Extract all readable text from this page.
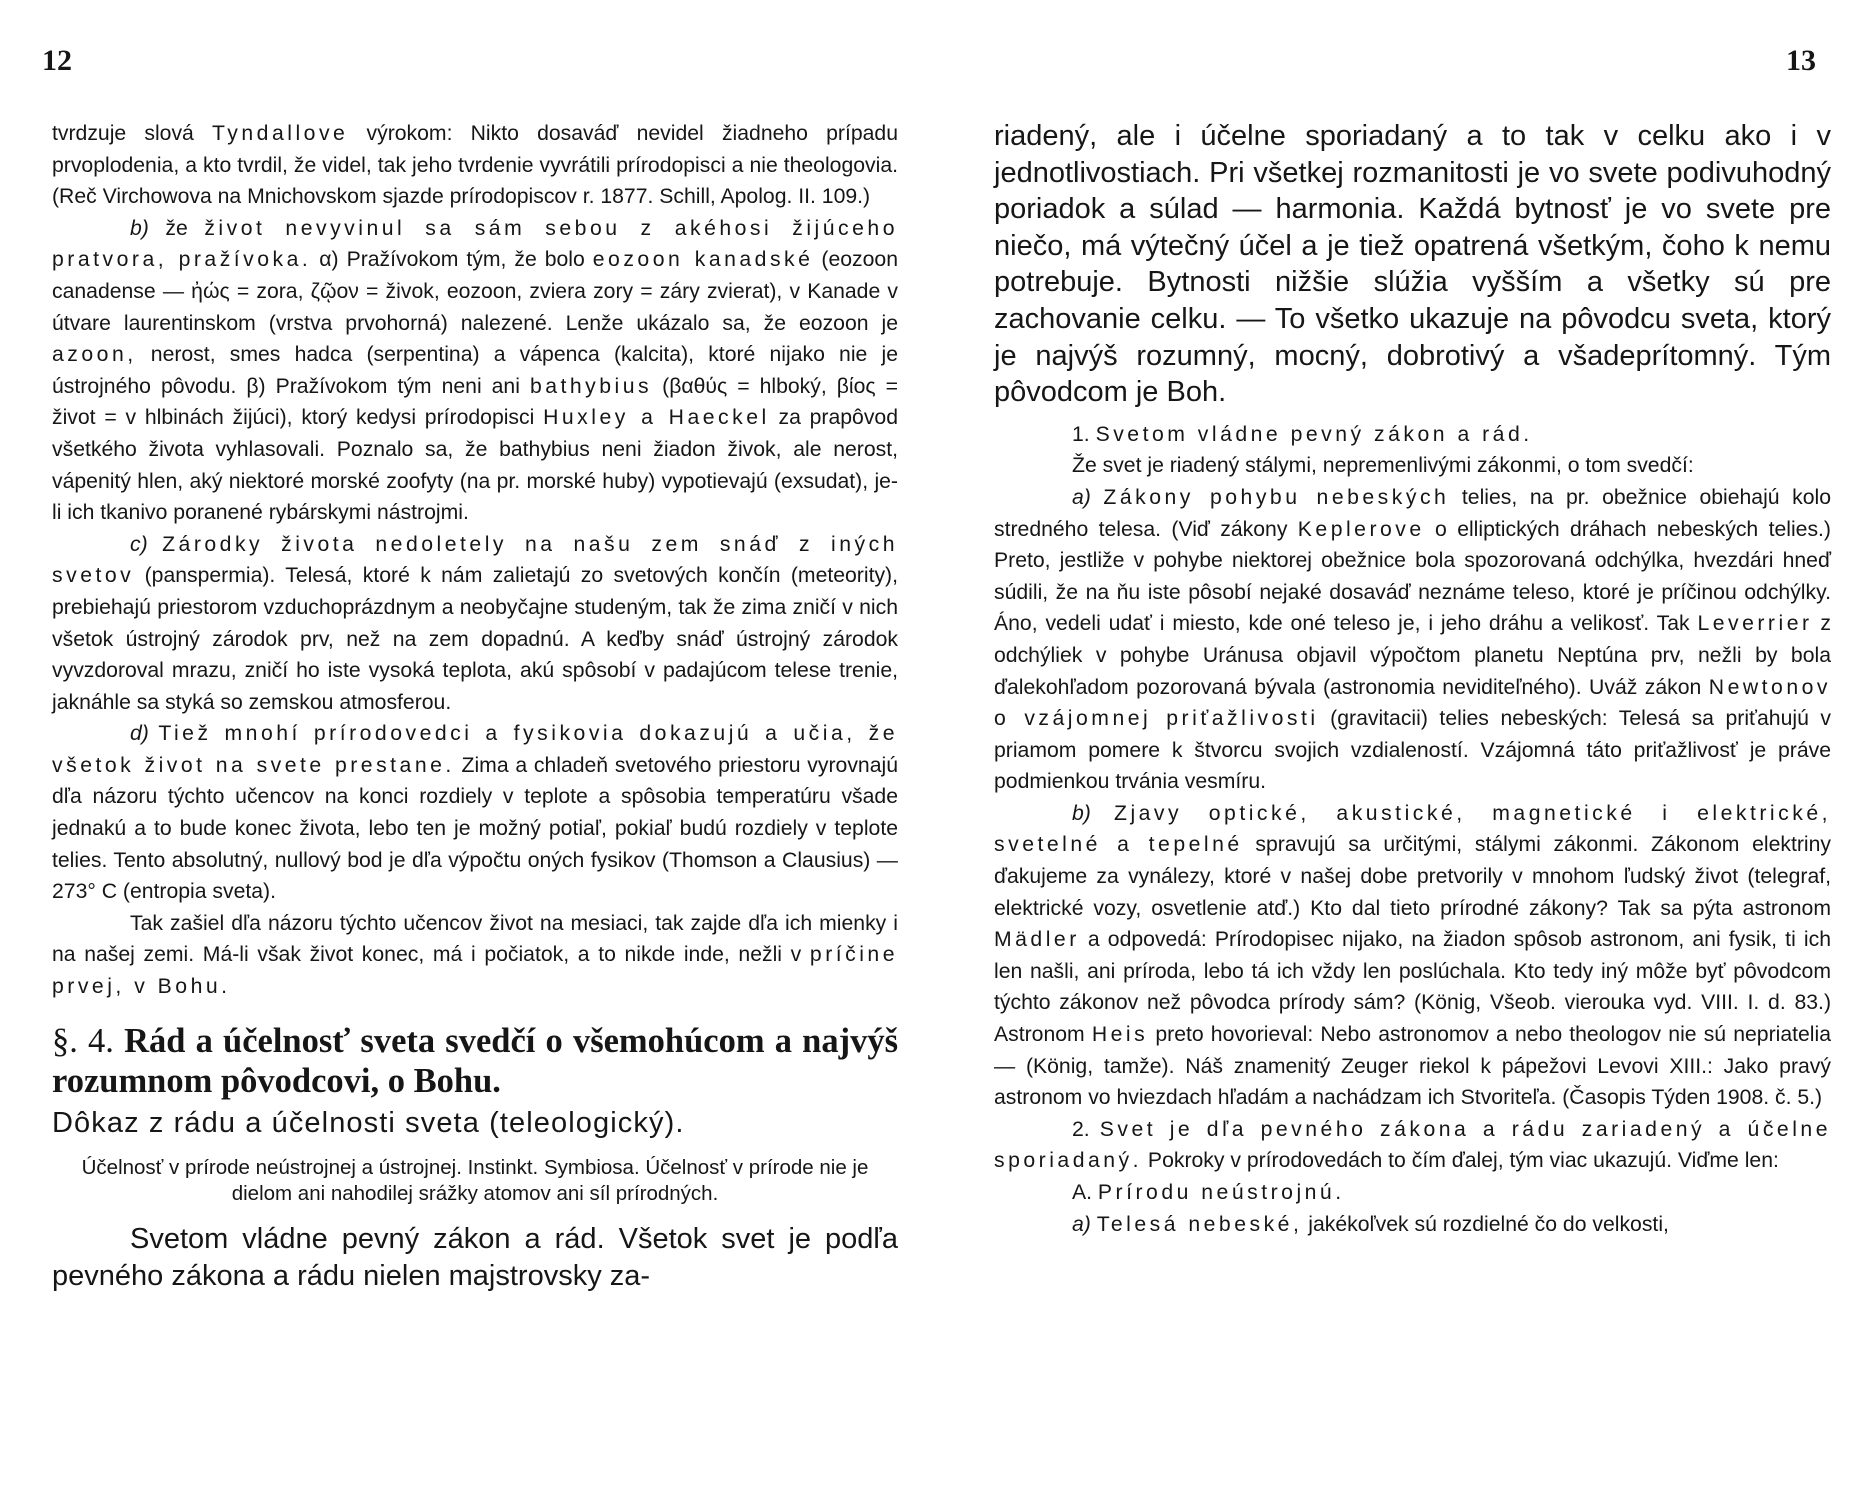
12

tvrdzuje slová Tyndallove výrokom: Nikto dosaváď nevidel žiadneho prípadu prvoplodenia, a kto tvrdil, že videl, tak jeho tvrdenie vyvrátili prírodopisci a nie theologovia. (Reč Virchowova na Mnichovskom sjazde prírodopiscov r. 1877. Schill, Apolog. II. 109.)

b) že život nevyvinul sa sám sebou z akéhosi žijúceho pratvora, pražívoka. α) Pražívokom tým, že bolo eozoon kanadské (eozoon canadense — ἠώς = zora, ζῷον = živok, eozoon, zviera zory = záry zvierat), v Kanade v útvare laurentinskom (vrstva prvohorná) nalezené. Lenže ukázalo sa, že eozoon je azoon, nerost, smes hadca (serpentina) a vápenca (kalcita), ktoré nijako nie je ústrojného pôvodu. β) Pražívokom tým neni ani bathybius (βαθύς = hlboký, βίος = život = v hlbinách žijúci), ktorý kedysi prírodopisci Huxley a Haeckel za prapôvod všetkého života vyhlasovali. Poznalo sa, že bathybius neni žiadon živok, ale nerost, vápenitý hlen, aký niektoré morské zoofyty (na pr. morské huby) vypotievajú (exsudat), je-li ich tkanivo poranené rybárskymi nástrojmi.

c) Zárodky života nedoletely na našu zem snáď z iných svetov (panspermia). Telesá, ktoré k nám zalietajú zo svetových končín (meteority), prebiehajú priestorom vzduchoprázdnym a neobyčajne studeným, tak že zima zničí v nich všetok ústrojný zárodok prv, než na zem dopadnú. A keďby snáď ústrojný zárodok vyvzdoroval mrazu, zničí ho iste vysoká teplota, akú spôsobí v padajúcom telese trenie, jaknáhle sa styká so zemskou atmosferou.

d) Tiež mnohí prírodovedci a fysikovia dokazujú a učia, že všetok život na svete prestane. Zima a chladeň svetového priestoru vyrovnajú dľa názoru týchto učencov na konci rozdiely v teplote a spôsobia temperatúru všade jednakú a to bude konec života, lebo ten je možný potiaľ, pokiaľ budú rozdiely v teplote telies. Tento absolutný, nullový bod je dľa výpočtu oných fysikov (Thomson a Clausius) — 273° C (entropia sveta).

Tak zašiel dľa názoru týchto učencov život na mesiaci, tak zajde dľa ich mienky i na našej zemi. Má-li však život konec, má i počiatok, a to nikde inde, nežli v príčine prvej, v Bohu.

§. 4. Rád a účelnosť sveta svedčí o všemohúcom a najvýš rozumnom pôvodcovi, o Bohu.
Dôkaz z rádu a účelnosti sveta (teleologický).
Účelnosť v prírode neústrojnej a ústrojnej. Instinkt. Symbiosa. Účelnosť v prírode nie je dielom ani nahodilej srážky atomov ani síl prírodných.

Svetom vládne pevný zákon a rád. Všetok svet je podľa pevného zákona a rádu nielen majstrovsky za-

13

riadený, ale i účelne sporiadaný a to tak v celku ako i v jednotlivostiach. Pri všetkej rozmanitosti je vo svete podivuhodný poriadok a súlad — harmonia. Každá bytnosť je vo svete pre niečo, má výtečný účel a je tiež opatrená všetkým, čoho k nemu potrebuje. Bytnosti nižšie slúžia vyšším a všetky sú pre zachovanie celku. — To všetko ukazuje na pôvodcu sveta, ktorý je najvýš rozumný, mocný, dobrotivý a všadeprítomný. Tým pôvodcom je Boh.

1. Svetom vládne pevný zákon a rád.

Že svet je riadený stálymi, nepremenlivými zákonmi, o tom svedčí:

a) Zákony pohybu nebeských telies, na pr. obežnice obiehajú kolo stredného telesa. (Viď zákony Keplerove o elliptických dráhach nebeských telies.) Preto, jestliže v pohybe niektorej obežnice bola spozorovaná odchýlka, hvezdári hneď súdili, že na ňu iste pôsobí nejaké dosaváď neznáme teleso, ktoré je príčinou odchýlky. Áno, vedeli udať i miesto, kde oné teleso je, i jeho dráhu a velikosť. Tak Leverrier z odchýliek v pohybe Uránusa objavil výpočtom planetu Neptúna prv, nežli by bola ďalekohľadom pozorovaná bývala (astronomia neviditeľného). Uváž zákon Newtonov o vzájomnej priťažlivosti (gravitacii) telies nebeských: Telesá sa priťahujú v priamom pomere k štvorcu svojich vzdialeností. Vzájomná táto priťažlivosť je práve podmienkou trvánia vesmíru.

b) Zjavy optické, akustické, magnetické i elektrické, svetelné a tepelné spravujú sa určitými, stálymi zákonmi. Zákonom elektriny ďakujeme za vynálezy, ktoré v našej dobe pretvorily v mnohom ľudský život (telegraf, elektrické vozy, osvetlenie atď.) Kto dal tieto prírodné zákony? Tak sa pýta astronom Mädler a odpovedá: Prírodopisec nijako, na žiadon spôsob astronom, ani fysik, ti ich len našli, ani príroda, lebo tá ich vždy len poslúchala. Kto tedy iný môže byť pôvodcom týchto zákonov než pôvodca prírody sám? (König, Všeob. vierouka vyd. VIII. I. d. 83.) Astronom Heis preto hovorieval: Nebo astronomov a nebo theologov nie sú nepriatelia — (König, tamže). Náš znamenitý Zeuger riekol k pápežovi Levovi XIII.: Jako pravý astronom vo hviezdach hľadám a nachádzam ich Stvoriteľa. (Časopis Týden 1908. č. 5.)

2. Svet je dľa pevného zákona a rádu zariadený a účelne sporiadaný. Pokroky v prírodovedách to čím ďalej, tým viac ukazujú. Viďme len:

A. Prírodu neústrojnú.

a) Telesá nebeské, jakékoľvek sú rozdielné čo do velkosti,
